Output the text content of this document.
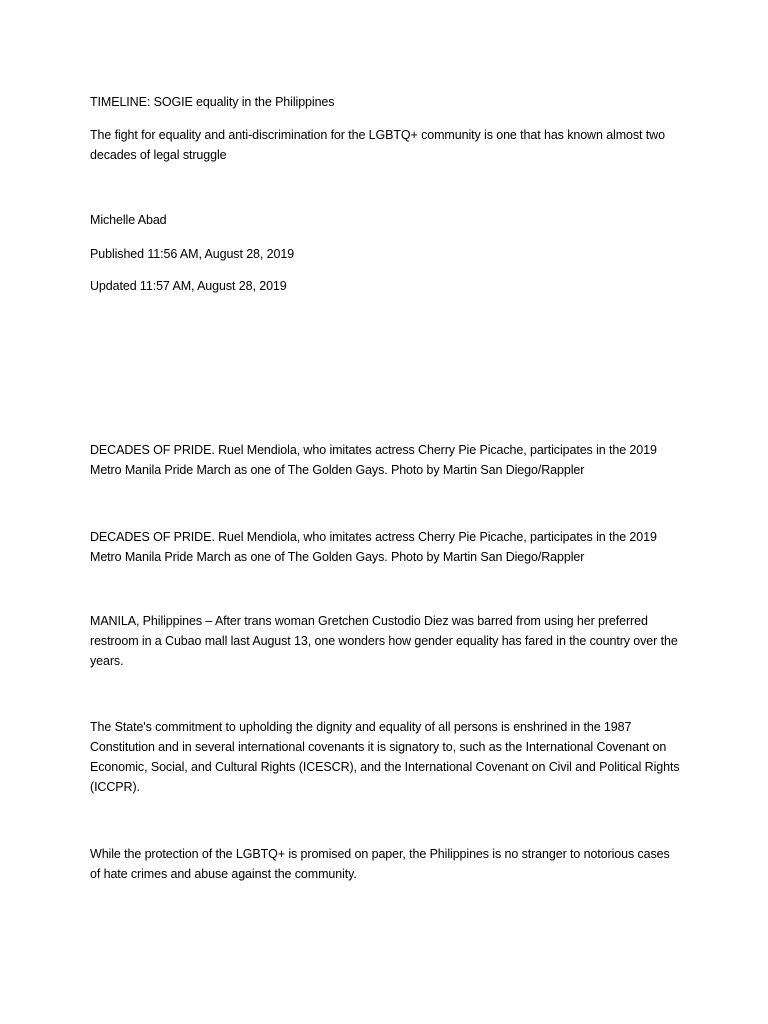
TIMELINE: SOGIE equality in the Philippines

The fight for equality and anti-discrimination for the LGBTQ+ community is one that has known almost two decades of legal struggle

Michelle Abad

Published 11:56 AM, August 28, 2019

Updated 11:57 AM, August 28, 2019

DECADES OF PRIDE. Ruel Mendiola, who imitates actress Cherry Pie Picache, participates in the 2019 Metro Manila Pride March as one of The Golden Gays. Photo by Martin San Diego/Rappler

DECADES OF PRIDE. Ruel Mendiola, who imitates actress Cherry Pie Picache, participates in the 2019 Metro Manila Pride March as one of The Golden Gays. Photo by Martin San Diego/Rappler

MANILA, Philippines – After trans woman Gretchen Custodio Diez was barred from using her preferred restroom in a Cubao mall last August 13, one wonders how gender equality has fared in the country over the years.

The State's commitment to upholding the dignity and equality of all persons is enshrined in the 1987 Constitution and in several international covenants it is signatory to, such as the International Covenant on Economic, Social, and Cultural Rights (ICESCR), and the International Covenant on Civil and Political Rights (ICCPR).

While the protection of the LGBTQ+ is promised on paper, the Philippines is no stranger to notorious cases of hate crimes and abuse against the community.
